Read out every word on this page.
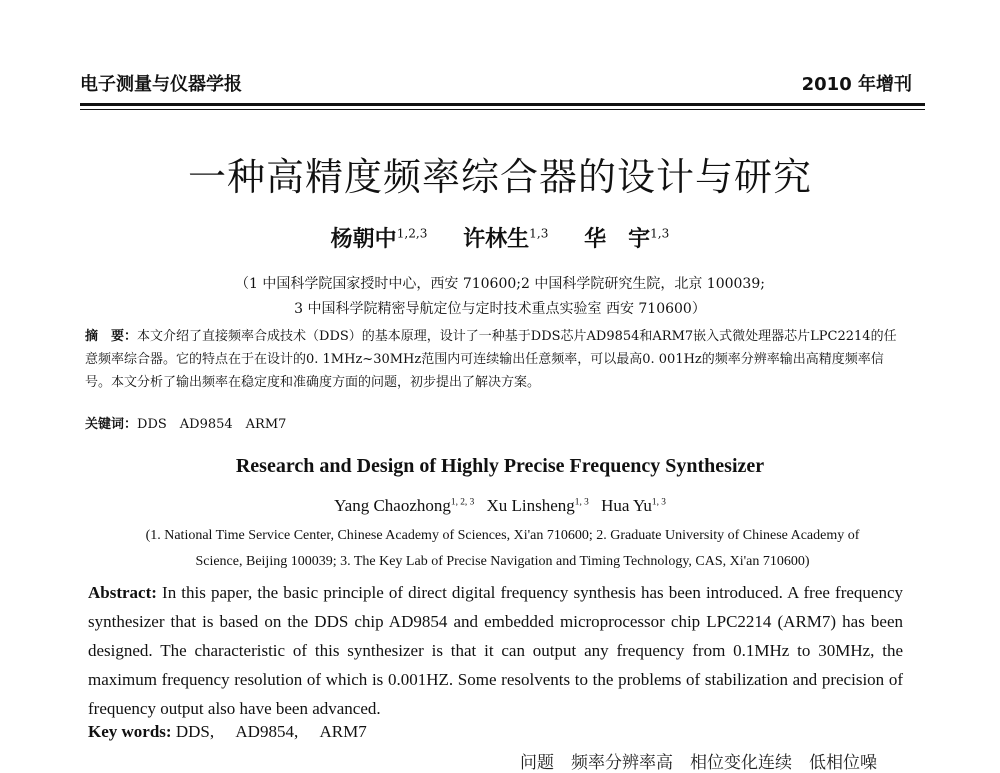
电子测量与仪器学报	2010 年增刊
一种高精度频率综合器的设计与研究
杨朝中$^{1,2,3}$ 许林生$^{1,3}$ 华　宇$^{1,3}$
（1 中国科学院国家授时中心，西安 710600;2 中国科学院研究生院，北京 100039;
3 中国科学院精密导航定位与定时技术重点实验室 西安 710600）
摘　要：本文介绍了直接频率合成技术（DDS）的基本原理，设计了一种基于DDS芯片AD9854和ARM7嵌入式微处理器芯片LPC2214的任意频率综合器。它的特点在于在设计的0. 1MHz~30MHz范围内可连续输出任意频率，可以最高0. 001Hz的频率分辨率输出高精度频率信号。本文分析了输出频率在稳定度和准确度方面的问题，初步提出了解决方案。
关键词：DDS　AD9854　ARM7
Research and Design of Highly Precise Frequency Synthesizer
Yang Chaozhong$^{1, 2, 3}$ Xu Linsheng$^{1, 3}$ Hua Yu$^{1, 3}$
(1. National Time Service Center, Chinese Academy of Sciences, Xi'an 710600; 2. Graduate University of Chinese Academy of
Science, Beijing 100039; 3. The Key Lab of Precise Navigation and Timing Technology, CAS, Xi'an 710600)
Abstract: In this paper, the basic principle of direct digital frequency synthesis has been introduced. A free frequency synthesizer that is based on the DDS chip AD9854 and embedded microprocessor chip LPC2214 (ARM7) has been designed. The characteristic of this synthesizer is that it can output any frequency from 0.1MHz to 30MHz, the maximum frequency resolution of which is 0.001HZ. Some resolvents to the problems of stabilization and precision of frequency output also have been advanced.
Key words: DDS, AD9854, ARM7
问题　频率分辨率高　相位变化连续　低相位噪
